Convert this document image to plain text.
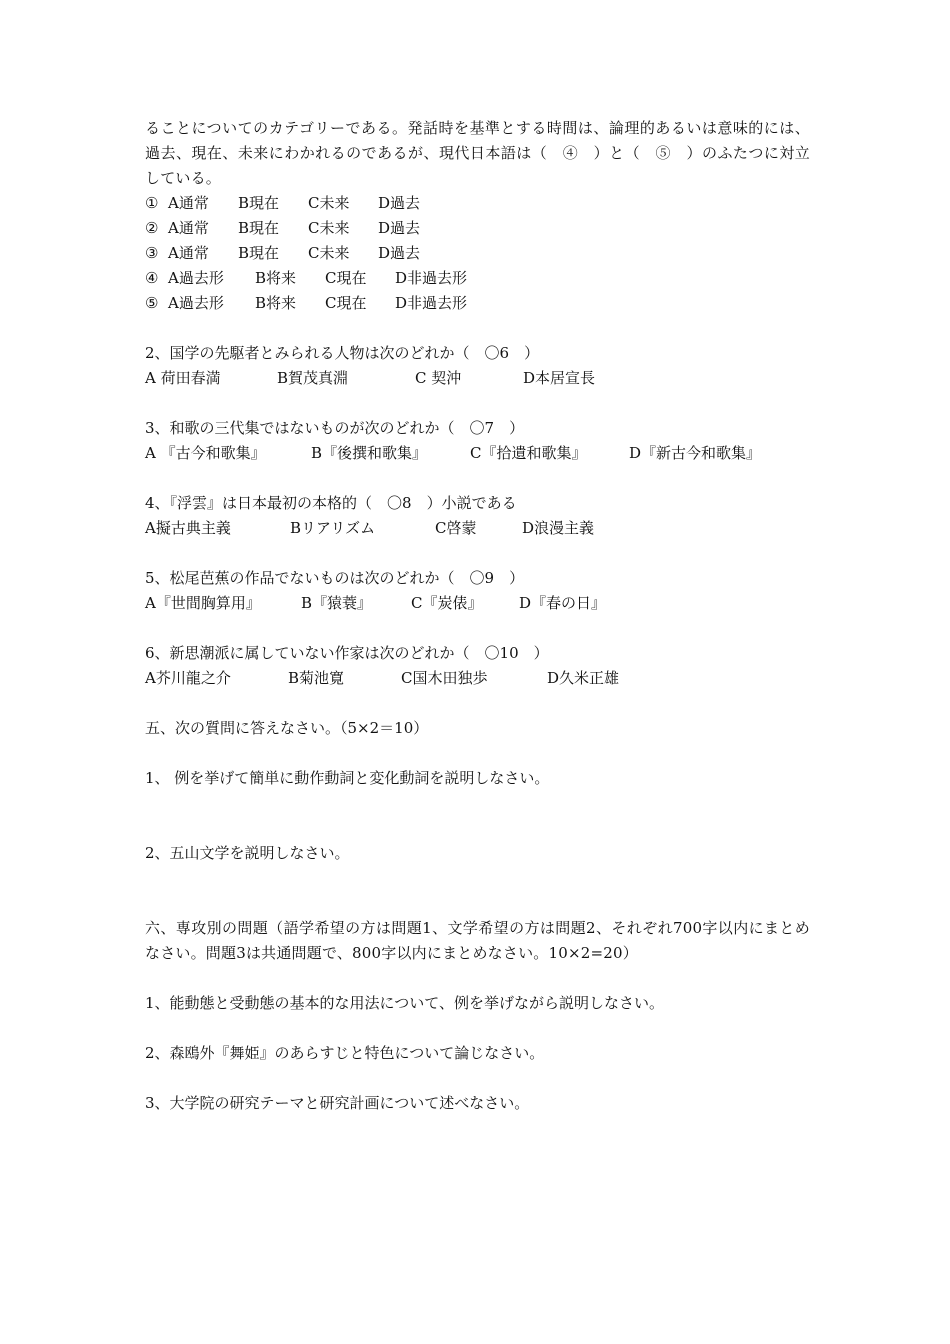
ることについてのカテゴリーである。発話時を基準とする時間は、論理的あるいは意味的には、過去、現在、未来にわかれるのであるが、現代日本語は（　④　）と（　⑤　）のふたつに対立している。
① A通常 B現在 C未来 D過去
② A通常 B現在 C未来 D過去
③ A通常 B現在 C未来 D過去
④ A過去形 B将来 C現在 D非過去形
⑤ A過去形 B将来 C現在 D非過去形
2、国学の先駆者とみられる人物は次のどれか（　〇6　）
A 荷田春満	B賀茂真淵	C 契沖	D本居宣長
3、和歌の三代集ではないものが次のどれか（　〇7　）
A 『古今和歌集』	B『後撰和歌集』	C『拾遺和歌集』	D『新古今和歌集』
4、『浮雲』は日本最初の本格的（　〇8　）小説である
A擬古典主義	Bリアリズム	C啓蒙	D浪漫主義
5、松尾芭蕉の作品でないものは次のどれか（　〇9　）
A『世間胸算用』	B『猿蓑』	C『炭俵』 D『春の日』
6、新思潮派に属していない作家は次のどれか（　〇10　）
A芥川龍之介	B菊池寛	C国木田独歩	D久米正雄
五、次の質問に答えなさい。（5×2＝10）
1、 例を挙げて簡単に動作動詞と変化動詞を説明しなさい。
2、五山文学を説明しなさい。
六、専攻別の問題（語学希望の方は問題1、文学希望の方は問題2、それぞれ700字以内にまとめなさい。問題3は共通問題で、800字以内にまとめなさい。10×2=20）
1、能動態と受動態の基本的な用法について、例を挙げながら説明しなさい。
2、森鴎外『舞姫』のあらすじと特色について論じなさい。
3、大学院の研究テーマと研究計画について述べなさい。
